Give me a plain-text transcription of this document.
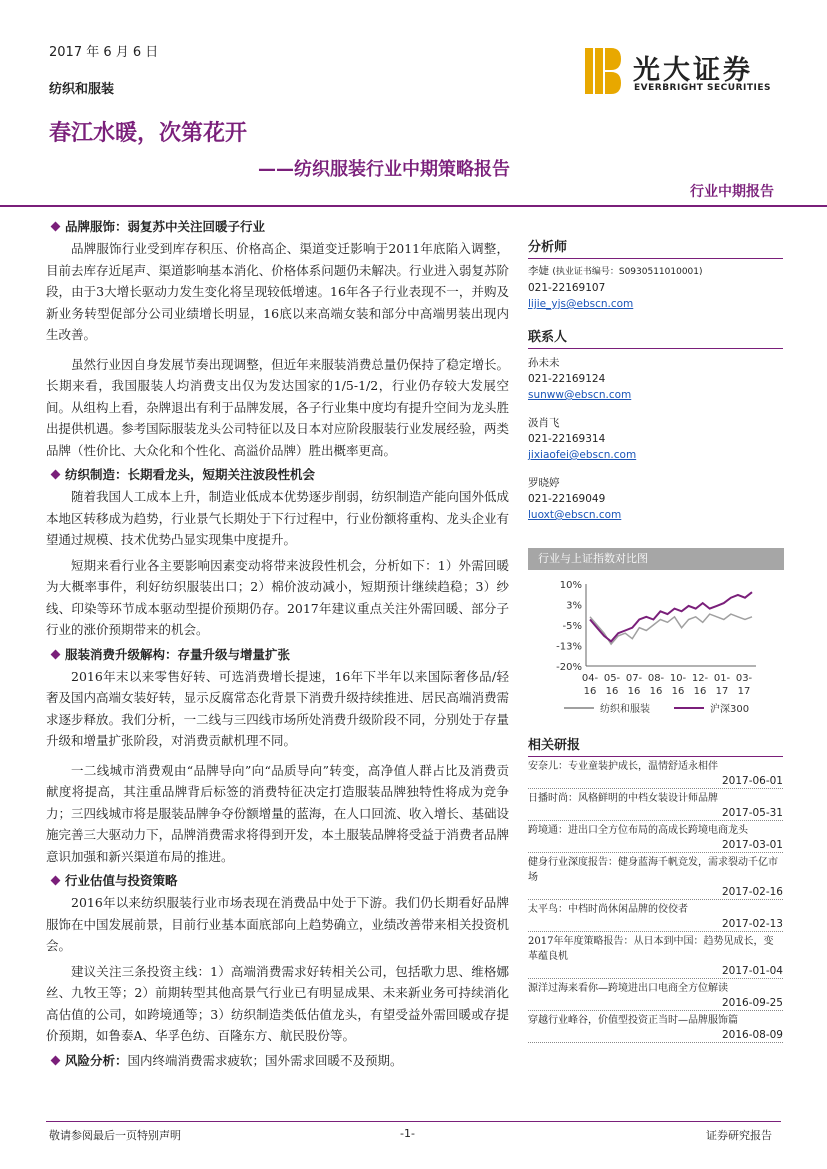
2017 年 6 月 6 日
纺织和服装
光大证券
EVERBRIGHT SECURITIES
春江水暖，次第花开
——纺织服装行业中期策略报告
行业中期报告
品牌服饰：弱复苏中关注回暖子行业

品牌服饰行业受到库存积压、价格高企、渠道变迁影响于2011年底陷入调整，目前去库存近尾声、渠道影响基本消化、价格体系问题仍未解决。行业进入弱复苏阶段，由于3大增长驱动力发生变化将呈现较低增速。16年各子行业表现不一，并购及新业务转型促部分公司业绩增长明显，16底以来高端女装和部分中高端男装出现内生改善。

虽然行业因自身发展节奏出现调整，但近年来服装消费总量仍保持了稳定增长。长期来看，我国服装人均消费支出仅为发达国家的1/5-1/2，行业仍存较大发展空间。从组构上看，杂牌退出有利于品牌发展，各子行业集中度均有提升空间为龙头胜出提供机遇。参考国际服装龙头公司特征以及日本对应阶段服装行业发展经验，两类品牌（性价比、大众化和个性化、高溢价品牌）胜出概率更高。

纺织制造：长期看龙头，短期关注波段性机会

随着我国人工成本上升，制造业低成本优势逐步削弱，纺织制造产能向国外低成本地区转移成为趋势，行业景气长期处于下行过程中，行业份额将重构、龙头企业有望通过规模、技术优势凸显实现集中度提升。

短期来看行业各主要影响因素变动将带来波段性机会，分析如下：1）外需回暖为大概率事件，利好纺织服装出口；2）棉价波动减小，短期预计继续趋稳；3）纱线、印染等环节成本驱动型提价预期仍存。2017年建议重点关注外需回暖、部分子行业的涨价预期带来的机会。

服装消费升级解构：存量升级与增量扩张

2016年末以来零售好转、可选消费增长提速，16年下半年以来国际奢侈品/轻奢及国内高端女装好转，显示反腐常态化背景下消费升级持续推进、居民高端消费需求逐步释放。我们分析，一二线与三四线市场所处消费升级阶段不同，分别处于存量升级和增量扩张阶段，对消费贡献机理不同。

一二线城市消费观由“品牌导向”向“品质导向”转变，高净值人群占比及消费贡献度将提高，其注重品牌背后标签的消费特征决定打造服装品牌独特性将成为竞争力；三四线城市将是服装品牌争夺份额增量的蓝海，在人口回流、收入增长、基础设施完善三大驱动力下，品牌消费需求将得到开发，本土服装品牌将受益于消费者品牌意识加强和新兴渠道布局的推进。

行业估值与投资策略

2016年以来纺织服装行业市场表现在消费品中处于下游。我们仍长期看好品牌服饰在中国发展前景，目前行业基本面底部向上趋势确立，业绩改善带来相关投资机会。

建议关注三条投资主线：1）高端消费需求好转相关公司，包括歌力思、维格娜丝、九牧王等；2）前期转型其他高景气行业已有明显成果、未来新业务可持续消化高估值的公司，如跨境通等；3）纺织制造类低估值龙头，有望受益外需回暖或存提价预期，如鲁泰A、华孚色纺、百隆东方、航民股份等。

风险分析：国内终端消费需求疲软；国外需求回暖不及预期。
分析师
李婕 (执业证书编号：S0930511010001)
021-22169107
lijie_yjs@ebscn.com
联系人
孙未未
021-22169124
sunww@ebscn.com
汲肖飞
021-22169314
jixiaofei@ebscn.com
罗晓婷
021-22169049
luoxt@ebscn.com
行业与上证指数对比图
10%
3%
-5%
-13%
-20%
04-
16
05-
16
07-
16
08-
16
10-
16
12-
16
01-
17
03-
17
纺织和服装	沪深300
相关研报
安奈儿：专业童装护成长，温情舒适永相伴
2017-06-01
日播时尚：风格鲜明的中档女装设计师品牌
2017-05-31
跨境通：进出口全方位布局的高成长跨境电商龙头
2017-03-01
健身行业深度报告：健身蓝海千帆竞发，需求裂动千亿市场
2017-02-16
太平鸟：中档时尚休闲品牌的佼佼者
2017-02-13
2017年年度策略报告：从日本到中国：趋势见成长，变革蕴良机
2017-01-04
源洋过海来看你—跨境进出口电商全方位解读
2016-09-25
穿越行业峰谷，价值型投资正当时—品牌服饰篇
2016-08-09
敬请参阅最后一页特别声明	-1-	证券研究报告
